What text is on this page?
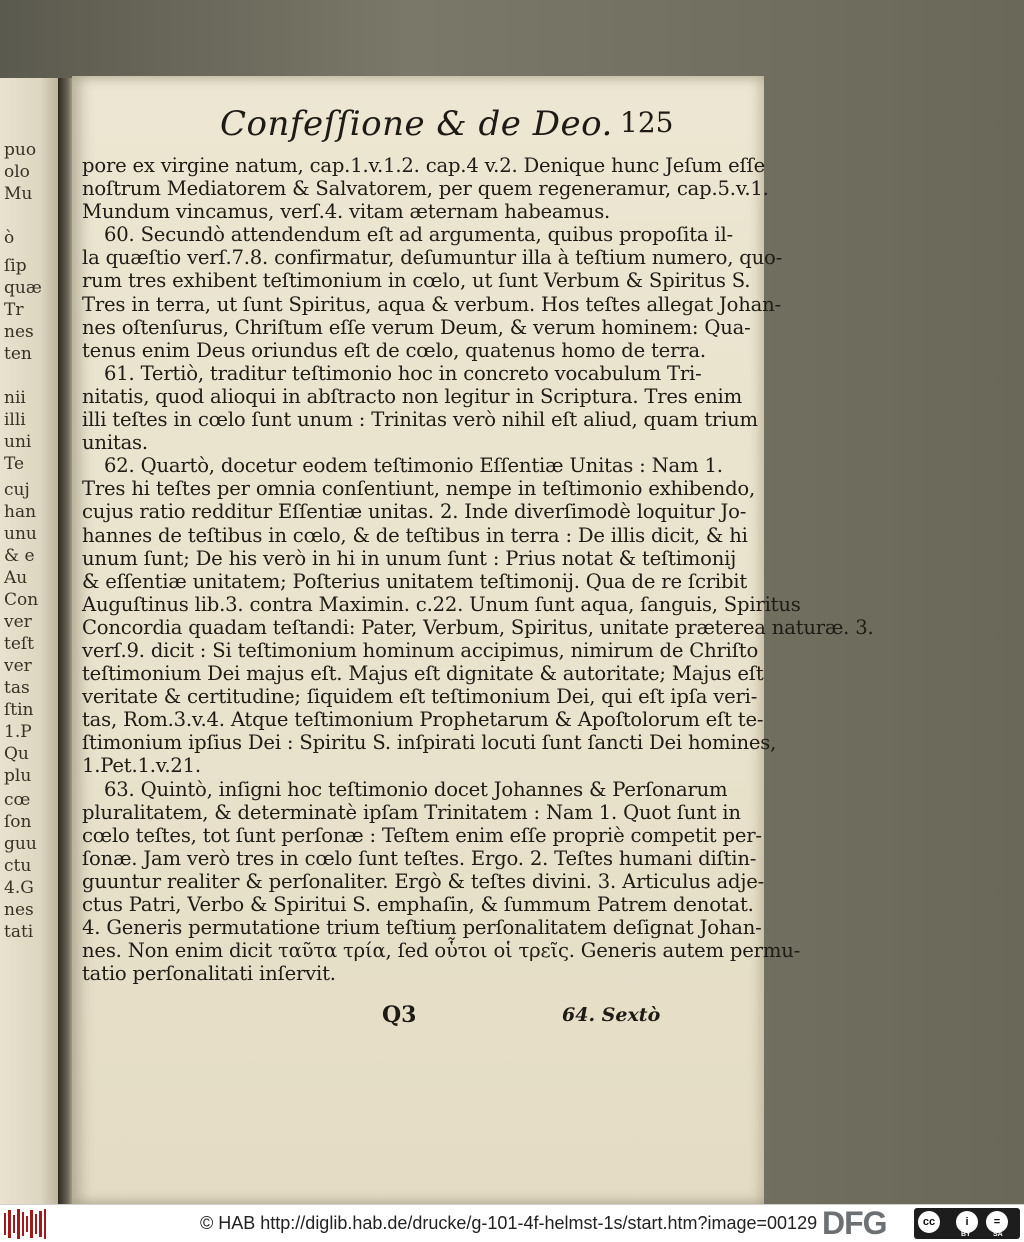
puo
olo
Mu
ò
ſip
quæ
Tr
nes
ten
nii
illi
uni
Te
cuj
han
unu
& e
Au
Con
ver
teſt
ver
tas
ſtin
1.P
Qu
plu
cœ
ſon
guu
ctu
4.G
nes
tati
Confeſſione & de Deo. 125
pore ex virgine natum, cap.1.v.1.2. cap.4 v.2. Denique hunc Jeſum eſſe
noſtrum Mediatorem & Salvatorem, per quem regeneramur, cap.5.v.1.
Mundum vincamus, verſ.4. vitam æternam habeamus.
60. Secundò attendendum eſt ad argumenta, quibus propoſita il-
la quæſtio verſ.7.8. confirmatur, deſumuntur illa à teſtium numero, quo-
rum tres exhibent teſtimonium in cœlo, ut ſunt Verbum & Spiritus S.
Tres in terra, ut ſunt Spiritus, aqua & verbum. Hos teſtes allegat Johan-
nes oſtenſurus, Chriſtum eſſe verum Deum, & verum hominem: Qua-
tenus enim Deus oriundus eſt de cœlo, quatenus homo de terra.
61. Tertiò, traditur teſtimonio hoc in concreto vocabulum Tri-
nitatis, quod alioqui in abſtracto non legitur in Scriptura. Tres enim
illi teſtes in cœlo ſunt unum : Trinitas verò nihil eſt aliud, quam trium
unitas.
62. Quartò, docetur eodem teſtimonio Eſſentiæ Unitas : Nam 1.
Tres hi teſtes per omnia conſentiunt, nempe in teſtimonio exhibendo,
cujus ratio redditur Eſſentiæ unitas. 2. Inde diverſimodè loquitur Jo-
hannes de teſtibus in cœlo, & de teſtibus in terra : De illis dicit, & hi
unum ſunt; De his verò in hi in unum ſunt : Prius notat & teſtimonij
& eſſentiæ unitatem; Poſterius unitatem teſtimonij. Qua de re ſcribit
Auguſtinus lib.3. contra Maximin. c.22. Unum ſunt aqua, ſanguis, Spiritus
Concordia quadam teſtandi: Pater, Verbum, Spiritus, unitate præterea naturæ. 3.
verſ.9. dicit : Si teſtimonium hominum accipimus, nimirum de Chriſto
teſtimonium Dei majus eſt. Majus eſt dignitate & autoritate; Majus eſt
veritate & certitudine; ſiquidem eſt teſtimonium Dei, qui eſt ipſa veri-
tas, Rom.3.v.4. Atque teſtimonium Prophetarum & Apoſtolorum eſt te-
ſtimonium ipſius Dei : Spiritu S. inſpirati locuti ſunt ſancti Dei homines,
1.Pet.1.v.21.
63. Quintò, inſigni hoc teſtimonio docet Johannes & Perſonarum
pluralitatem, & determinatè ipſam Trinitatem : Nam 1. Quot ſunt in
cœlo teſtes, tot ſunt perſonæ : Teſtem enim eſſe propriè competit per-
ſonæ. Jam verò tres in cœlo ſunt teſtes. Ergo. 2. Teſtes humani diſtin-
guuntur realiter & perſonaliter. Ergò & teſtes divini. 3. Articulus adje-
ctus Patri, Verbo & Spiritui S. emphaſin, & ſummum Patrem denotat.
4. Generis permutatione trium teſtium perſonalitatem deſignat Johan-
nes. Non enim dicit ταῦτα τρία, ſed οὗτοι οἱ τρεῖς. Generis autem permu-
tatio perſonalitati inſervit.
Q3	64. Sextò
© HAB http://diglib.hab.de/drucke/g-101-4f-helmst-1s/start.htm?image=00129 DFG	cc	i	=
BY	SA
